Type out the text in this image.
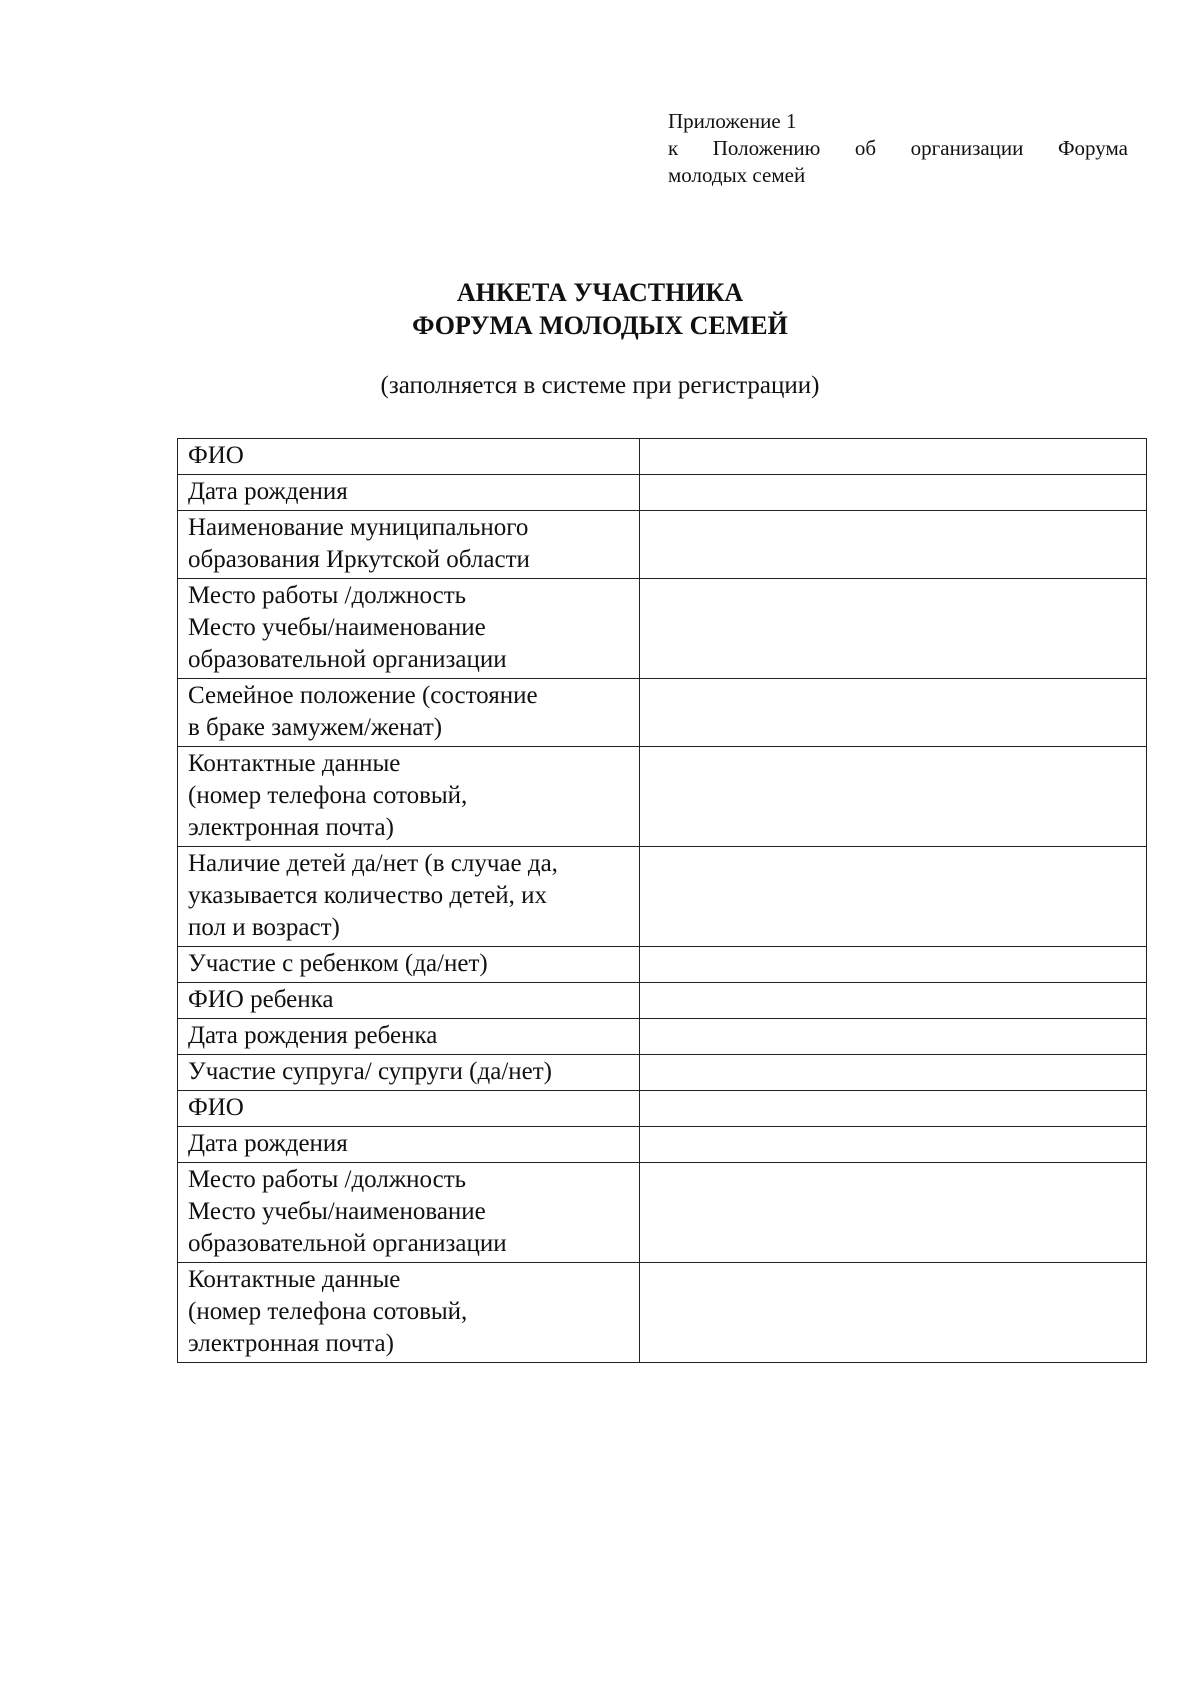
Приложение 1
к Положению об организации Форума
молодых семей
АНКЕТА УЧАСТНИКА
ФОРУМА МОЛОДЫХ СЕМЕЙ
(заполняется в системе при регистрации)
ФИО	

Дата рождения	

Наименование муниципального
образования Иркутской области	

Место работы /должность
Место учебы/наименование
образовательной организации	

Семейное положение (состояние
в браке замужем/женат)	

Контактные данные
(номер телефона сотовый,
электронная почта)	

Наличие детей да/нет (в случае да,
указывается количество детей, их
пол и возраст)	

Участие с ребенком (да/нет)	

ФИО ребенка	

Дата рождения ребенка	

Участие супруга/ супруги (да/нет)	

ФИО	

Дата рождения	

Место работы /должность
Место учебы/наименование
образовательной организации	

Контактные данные
(номер телефона сотовый,
электронная почта)	
